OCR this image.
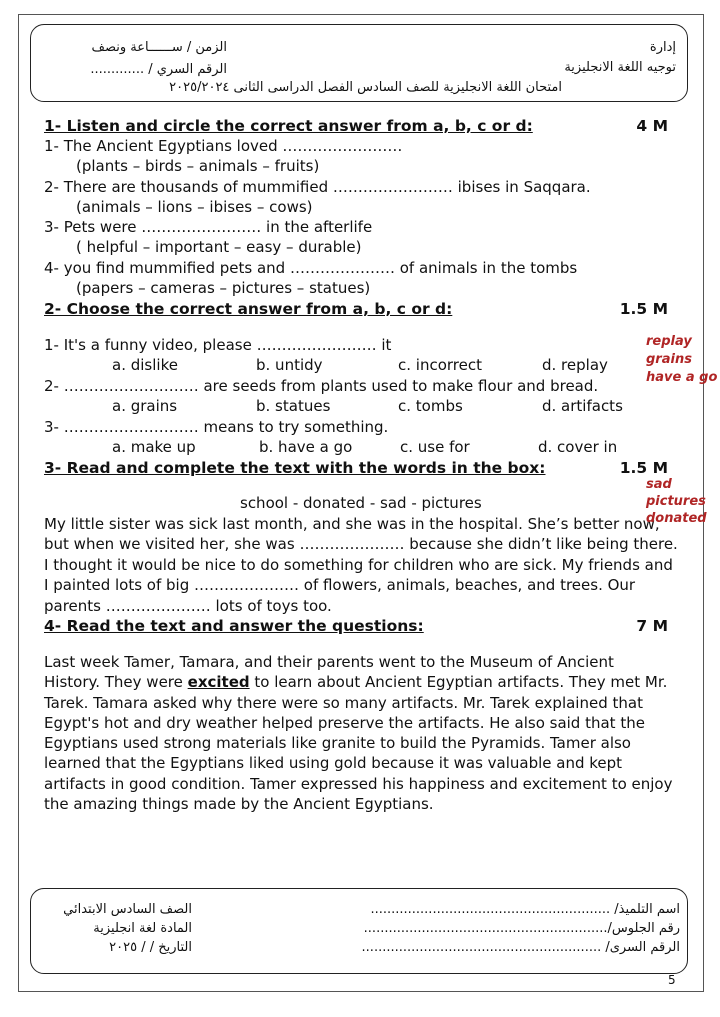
إدارة
توجيه اللغة الانجليزية
الزمن / ســــــاعة ونصف
الرقم السري / .............
امتحان اللغة الانجليزية للصف السادس الفصل الدراسى الثانى ٢٠٢٥/٢٠٢٤
1- Listen and circle the correct answer from a, b, c or d:	4 M
1- The Ancient Egyptians loved ……………………
(plants – birds – animals – fruits)
2- There are thousands of mummified …………………… ibises in Saqqara.
(animals – lions – ibises – cows)
3- Pets were …………………… in the afterlife
( helpful – important – easy – durable)
4- you find mummified pets and ………………… of animals in the tombs
(papers – cameras – pictures – statues)
2- Choose the correct answer from a, b, c or d:	1.5 M
1- It's a funny video, please …………………… it
a. dislike	b. untidy	c. incorrect	d. replay
2- ……………………… are seeds from plants used to make flour and bread.
a. grains	b. statues	c. tombs	d. artifacts
3- ……………………… means to try something.
a. make up	b. have a go	c. use for	d. cover in
replay
grains
have a go
3- Read and complete the text with the words in the box:	1.5 M
school - donated - sad - pictures
My little sister was sick last month, and she was in the hospital. She’s better now,
but when we visited her, she was ………………… because she didn’t like being there.
I thought it would be nice to do something for children who are sick. My friends and
I painted lots of big ………………… of flowers, animals, beaches, and trees. Our
parents ………………… lots of toys too.
sad
pictures
donated
4- Read the text and answer the questions:	7 M
Last week Tamer, Tamara, and their parents went to the Museum of Ancient History. They were excited to learn about Ancient Egyptian artifacts. They met Mr. Tarek. Tamara asked why there were so many artifacts. Mr. Tarek explained that Egypt's hot and dry weather helped preserve the artifacts. He also said that the Egyptians used strong materials like granite to build the Pyramids. Tamer also learned that the Egyptians liked using gold because it was valuable and kept artifacts in good condition. Tamer expressed his happiness and excitement to enjoy the amazing things made by the Ancient Egyptians.
اسم التلميذ/ ..........................................................
رقم الجلوس/...........................................................
الرقم السرى/ ..........................................................
الصف السادس الابتدائي
المادة لغة انجليزية
التاريخ / / ٢٠٢٥
5
